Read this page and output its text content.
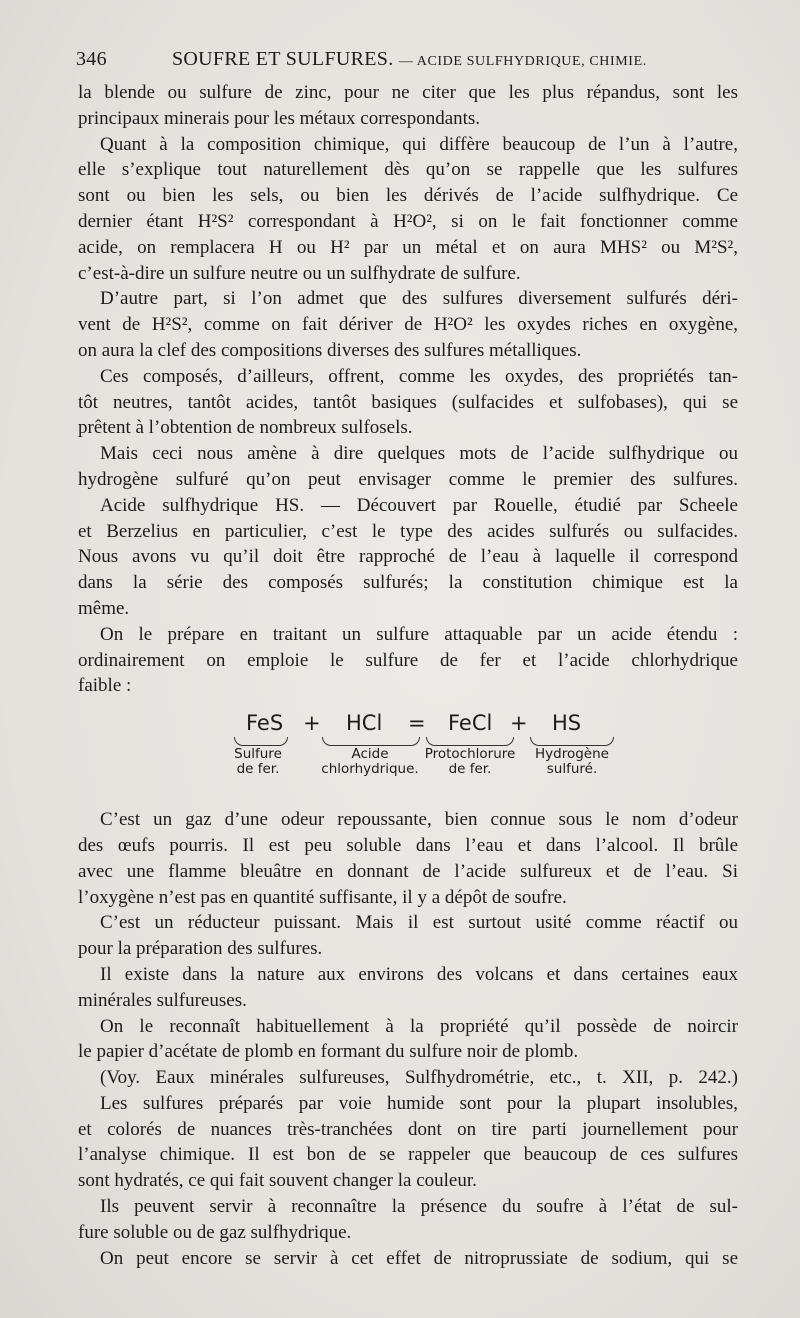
346	SOUFRE ET SULFURES. — ACIDE SULFHYDRIQUE, CHIMIE.
la blende ou sulfure de zinc, pour ne citer que les plus répandus, sont les
principaux minerais pour les métaux correspondants.
Quant à la composition chimique, qui diffère beaucoup de l’un à l’autre,
elle s’explique tout naturellement dès qu’on se rappelle que les sulfures
sont ou bien les sels, ou bien les dérivés de l’acide sulfhydrique. Ce
dernier étant H²S² correspondant à H²O², si on le fait fonctionner comme
acide, on remplacera H ou H² par un métal et on aura MHS² ou M²S²,
c’est-à-dire un sulfure neutre ou un sulfhydrate de sulfure.
D’autre part, si l’on admet que des sulfures diversement sulfurés déri-
vent de H²S², comme on fait dériver de H²O² les oxydes riches en oxygène,
on aura la clef des compositions diverses des sulfures métalliques.
Ces composés, d’ailleurs, offrent, comme les oxydes, des propriétés tan-
tôt neutres, tantôt acides, tantôt basiques (sulfacides et sulfobases), qui se
prêtent à l’obtention de nombreux sulfosels.
Mais ceci nous amène à dire quelques mots de l’acide sulfhydrique ou
hydrogène sulfuré qu’on peut envisager comme le premier des sulfures.
Acide sulfhydrique HS. — Découvert par Rouelle, étudié par Scheele
et Berzelius en particulier, c’est le type des acides sulfurés ou sulfacides.
Nous avons vu qu’il doit être rapproché de l’eau à laquelle il correspond
dans la série des composés sulfurés; la constitution chimique est la
même.
On le prépare en traitant un sulfure attaquable par un acide étendu :
ordinairement on emploie le sulfure de fer et l’acide chlorhydrique
faible :
FeS + HCl = FeCl + HS
Sulfure
de fer.
Acide
chlorhydrique.
Protochlorure
de fer.
Hydrogène
sulfuré.
C’est un gaz d’une odeur repoussante, bien connue sous le nom d’odeur
des œufs pourris. Il est peu soluble dans l’eau et dans l’alcool. Il brûle
avec une flamme bleuâtre en donnant de l’acide sulfureux et de l’eau. Si
l’oxygène n’est pas en quantité suffisante, il y a dépôt de soufre.
C’est un réducteur puissant. Mais il est surtout usité comme réactif ou
pour la préparation des sulfures.
Il existe dans la nature aux environs des volcans et dans certaines eaux
minérales sulfureuses.
On le reconnaît habituellement à la propriété qu’il possède de noircir
le papier d’acétate de plomb en formant du sulfure noir de plomb.
(Voy. Eaux minérales sulfureuses, Sulfhydrométrie, etc., t. XII, p. 242.)
Les sulfures préparés par voie humide sont pour la plupart insolubles,
et colorés de nuances très-tranchées dont on tire parti journellement pour
l’analyse chimique. Il est bon de se rappeler que beaucoup de ces sulfures
sont hydratés, ce qui fait souvent changer la couleur.
Ils peuvent servir à reconnaître la présence du soufre à l’état de sul-
fure soluble ou de gaz sulfhydrique.
On peut encore se servir à cet effet de nitroprussiate de sodium, qui se
